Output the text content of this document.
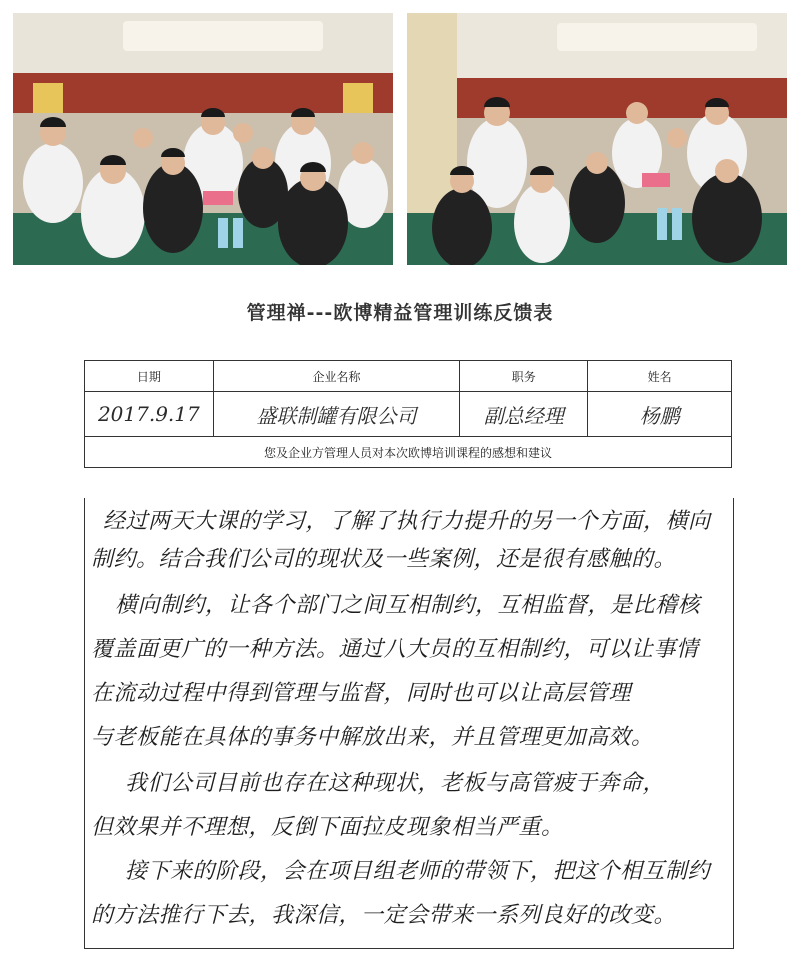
管理禅---欧博精益管理训练反馈表
日期	企业名称	职务	姓名
2017.9.17	盛联制罐有限公司	副总经理	杨鹏
您及企业方管理人员对本次欧博培训课程的感想和建议			
经过两天大课的学习，了解了执行力提升的另一个方面，横向
制约。结合我们公司的现状及一些案例，还是很有感触的。
横向制约，让各个部门之间互相制约，互相监督，是比稽核
覆盖面更广的一种方法。通过八大员的互相制约，可以让事情
在流动过程中得到管理与监督，同时也可以让高层管理
与老板能在具体的事务中解放出来，并且管理更加高效。
我们公司目前也存在这种现状，老板与高管疲于奔命，
但效果并不理想，反倒下面拉皮现象相当严重。
接下来的阶段，会在项目组老师的带领下，把这个相互制约
的方法推行下去，我深信，一定会带来一系列良好的改变。
